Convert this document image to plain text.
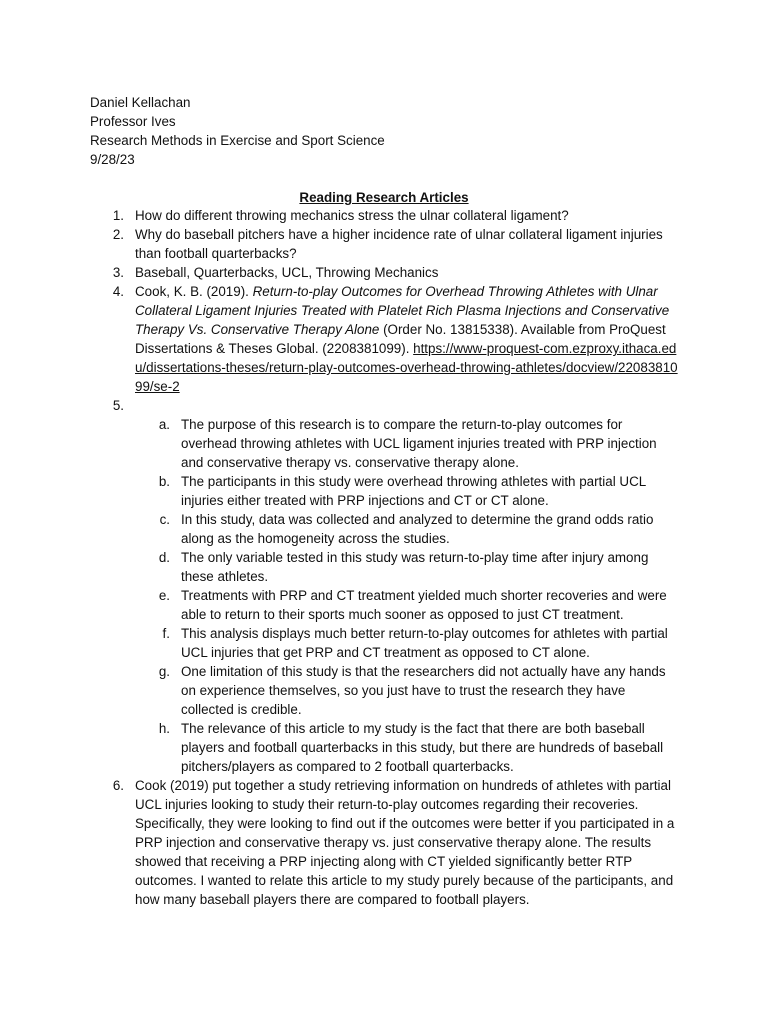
Daniel Kellachan
Professor Ives
Research Methods in Exercise and Sport Science
9/28/23
Reading Research Articles
1. How do different throwing mechanics stress the ulnar collateral ligament?
2. Why do baseball pitchers have a higher incidence rate of ulnar collateral ligament injuries than football quarterbacks?
3. Baseball, Quarterbacks, UCL, Throwing Mechanics
4. Cook, K. B. (2019). Return-to-play Outcomes for Overhead Throwing Athletes with Ulnar Collateral Ligament Injuries Treated with Platelet Rich Plasma Injections and Conservative Therapy Vs. Conservative Therapy Alone (Order No. 13815338). Available from ProQuest Dissertations & Theses Global. (2208381099). https://www-proquest-com.ezproxy.ithaca.edu/dissertations-theses/return-play-outcomes-overhead-throwing-athletes/docview/2208381099/se-2
5.

a. The purpose of this research is to compare the return-to-play outcomes for overhead throwing athletes with UCL ligament injuries treated with PRP injection and conservative therapy vs. conservative therapy alone.
b. The participants in this study were overhead throwing athletes with partial UCL injuries either treated with PRP injections and CT or CT alone.
c. In this study, data was collected and analyzed to determine the grand odds ratio along as the homogeneity across the studies.
d. The only variable tested in this study was return-to-play time after injury among these athletes.
e. Treatments with PRP and CT treatment yielded much shorter recoveries and were able to return to their sports much sooner as opposed to just CT treatment.
f. This analysis displays much better return-to-play outcomes for athletes with partial UCL injuries that get PRP and CT treatment as opposed to CT alone.
g. One limitation of this study is that the researchers did not actually have any hands on experience themselves, so you just have to trust the research they have collected is credible.
h. The relevance of this article to my study is the fact that there are both baseball players and football quarterbacks in this study, but there are hundreds of baseball pitchers/players as compared to 2 football quarterbacks.
6. Cook (2019) put together a study retrieving information on hundreds of athletes with partial UCL injuries looking to study their return-to-play outcomes regarding their recoveries. Specifically, they were looking to find out if the outcomes were better if you participated in a PRP injection and conservative therapy vs. just conservative therapy alone. The results showed that receiving a PRP injecting along with CT yielded significantly better RTP outcomes. I wanted to relate this article to my study purely because of the participants, and how many baseball players there are compared to football players.
